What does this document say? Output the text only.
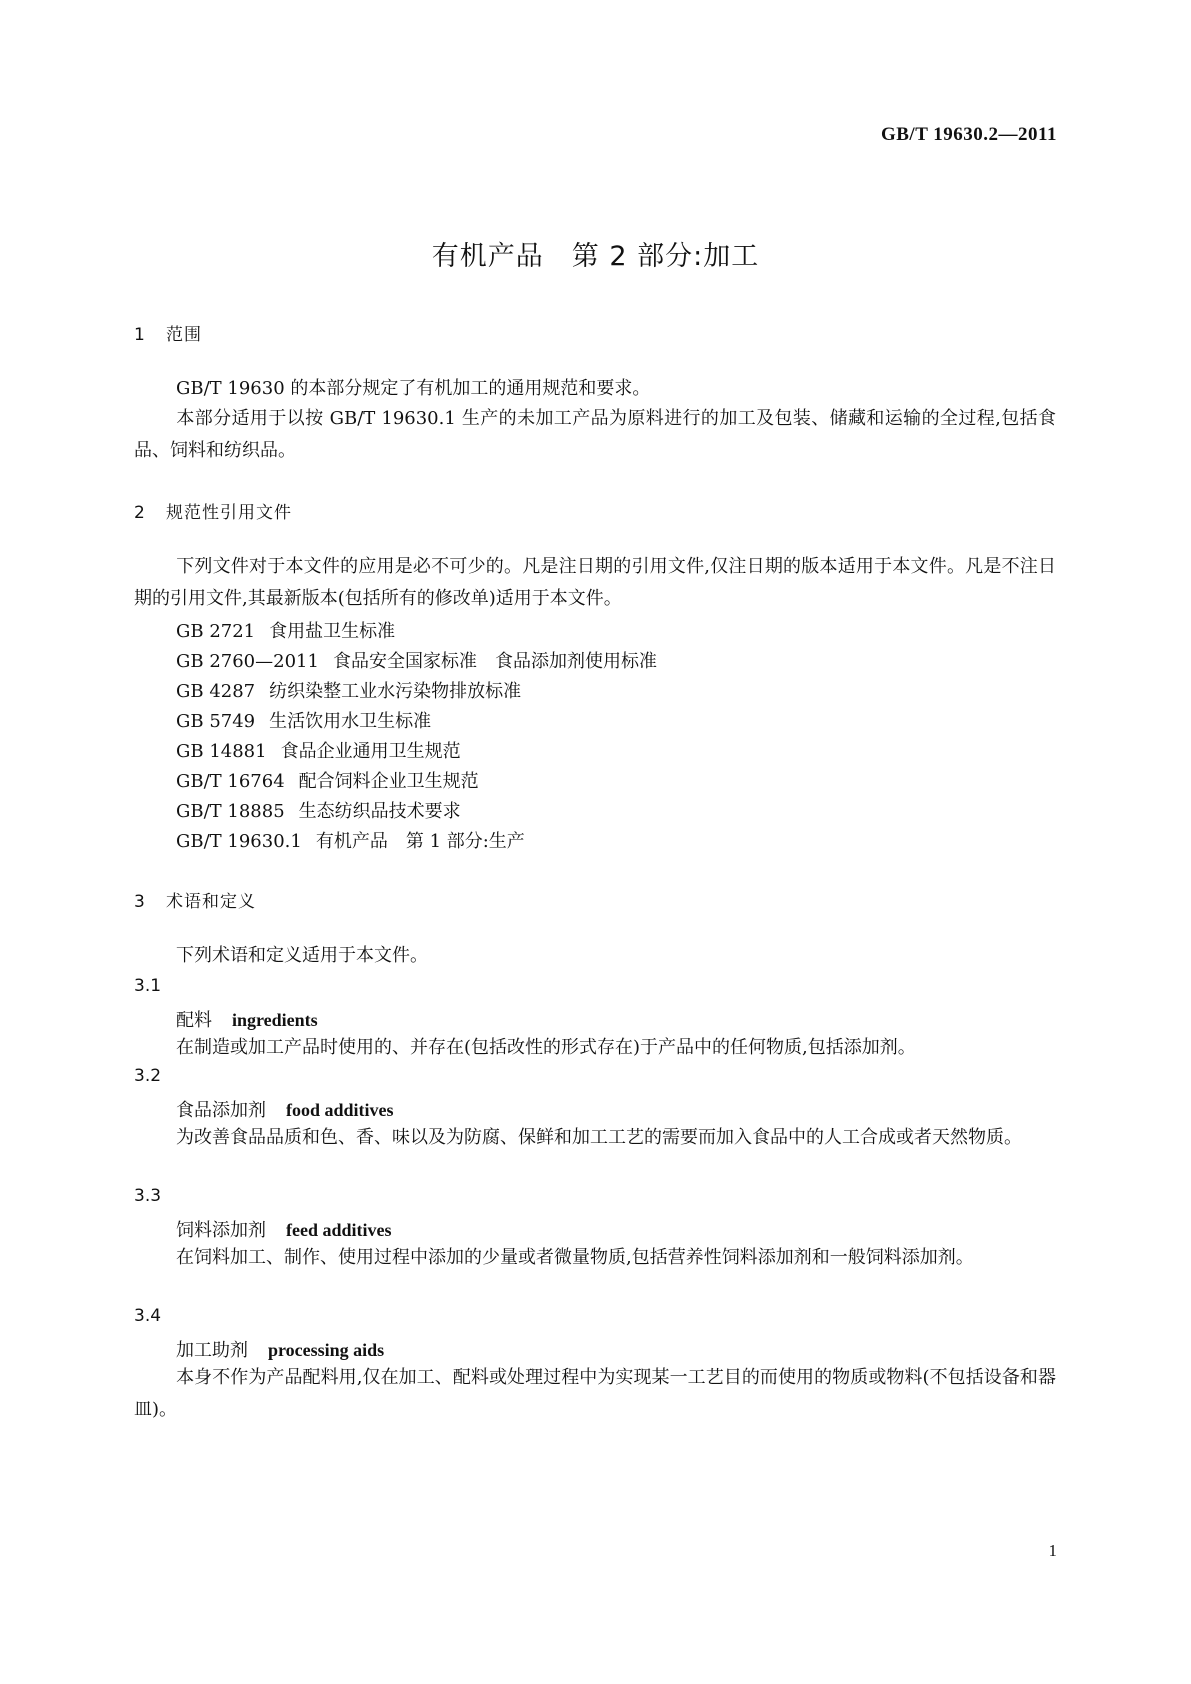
GB/T 19630.2—2011
有机产品　第 2 部分:加工
1 范围
GB/T 19630 的本部分规定了有机加工的通用规范和要求。
本部分适用于以按 GB/T 19630.1 生产的未加工产品为原料进行的加工及包装、储藏和运输的全过程,包括食品、饲料和纺织品。
2 规范性引用文件
下列文件对于本文件的应用是必不可少的。凡是注日期的引用文件,仅注日期的版本适用于本文件。凡是不注日期的引用文件,其最新版本(包括所有的修改单)适用于本文件。
GB 2721 食用盐卫生标准
GB 2760—2011 食品安全国家标准　食品添加剂使用标准
GB 4287 纺织染整工业水污染物排放标准
GB 5749 生活饮用水卫生标准
GB 14881 食品企业通用卫生规范
GB/T 16764 配合饲料企业卫生规范
GB/T 18885 生态纺织品技术要求
GB/T 19630.1 有机产品　第 1 部分:生产
3 术语和定义
下列术语和定义适用于本文件。
3.1
配料 ingredients
在制造或加工产品时使用的、并存在(包括改性的形式存在)于产品中的任何物质,包括添加剂。
3.2
食品添加剂 food additives
为改善食品品质和色、香、味以及为防腐、保鲜和加工工艺的需要而加入食品中的人工合成或者天然物质。
3.3
饲料添加剂 feed additives
在饲料加工、制作、使用过程中添加的少量或者微量物质,包括营养性饲料添加剂和一般饲料添加剂。
3.4
加工助剂 processing aids
本身不作为产品配料用,仅在加工、配料或处理过程中为实现某一工艺目的而使用的物质或物料(不包括设备和器皿)。
1
